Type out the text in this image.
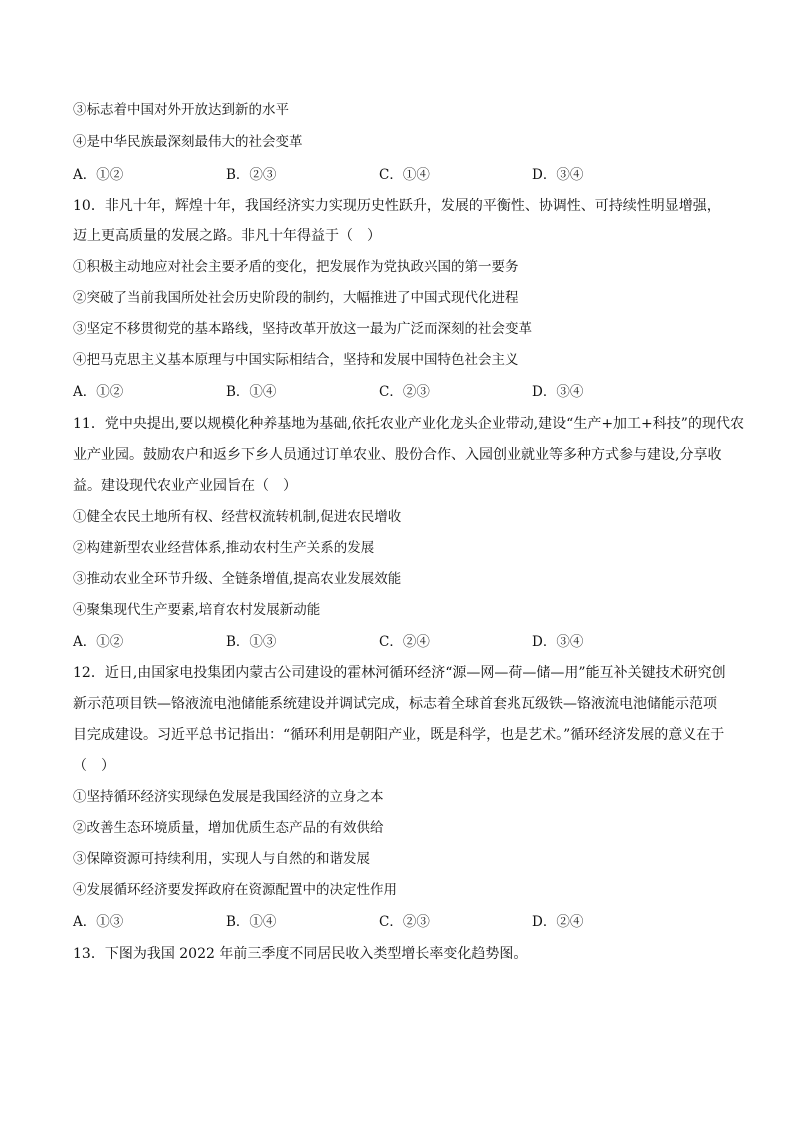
③标志着中国对外开放达到新的水平
④是中华民族最深刻最伟大的社会变革
A．①②	B．②③	C．①④	D．③④
10．非凡十年，辉煌十年，我国经济实力实现历史性跃升，发展的平衡性、协调性、可持续性明显增强，
迈上更高质量的发展之路。非凡十年得益于（　）
①积极主动地应对社会主要矛盾的变化，把发展作为党执政兴国的第一要务
②突破了当前我国所处社会历史阶段的制约，大幅推进了中国式现代化进程
③坚定不移贯彻党的基本路线，坚持改革开放这一最为广泛而深刻的社会变革
④把马克思主义基本原理与中国实际相结合，坚持和发展中国特色社会主义
A．①②	B．①④	C．②③	D．③④
11．党中央提出,要以规模化种养基地为基础,依托农业产业化龙头企业带动,建设“生产+加工+科技”的现代农
业产业园。鼓励农户和返乡下乡人员通过订单农业、股份合作、入园创业就业等多种方式参与建设,分享收
益。建设现代农业产业园旨在（　）
①健全农民土地所有权、经营权流转机制,促进农民增收
②构建新型农业经营体系,推动农村生产关系的发展
③推动农业全环节升级、全链条增值,提高农业发展效能
④聚集现代生产要素,培育农村发展新动能
A．①②	B．①③	C．②④	D．③④
12．近日,由国家电投集团内蒙古公司建设的霍林河循环经济“源—网—荷—储—用”能互补关键技术研究创
新示范项目铁—铬液流电池储能系统建设并调试完成，标志着全球首套兆瓦级铁—铬液流电池储能示范项
目完成建设。习近平总书记指出：“循环利用是朝阳产业，既是科学，也是艺术。”循环经济发展的意义在于
（　）
①坚持循环经济实现绿色发展是我国经济的立身之本
②改善生态环境质量，增加优质生态产品的有效供给
③保障资源可持续利用，实现人与自然的和谐发展
④发展循环经济要发挥政府在资源配置中的决定性作用
A．①③	B．①④	C．②③	D．②④
13．下图为我国 2022 年前三季度不同居民收入类型增长率变化趋势图。
